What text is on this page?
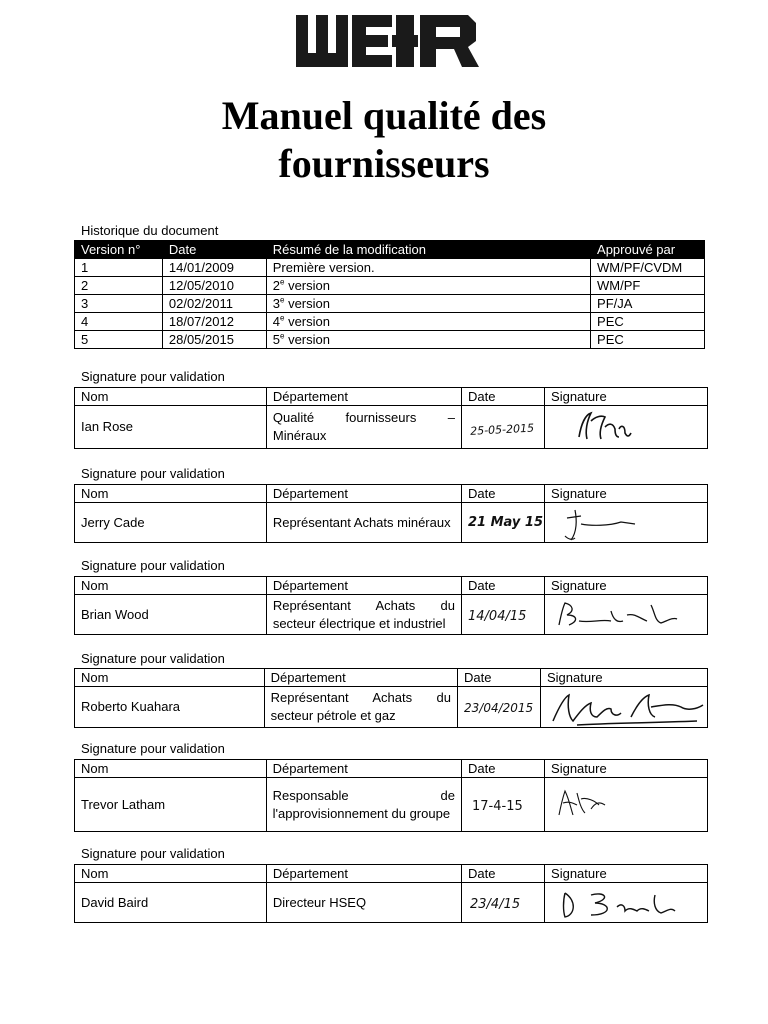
Manuel qualité des
fournisseurs
Historique du document
Version n°	Date	Résumé de la modification	Approuvé par
1	14/01/2009	Première version.	WM/PF/CVDM
2	12/05/2010	2e version	WM/PF
3	02/02/2011	3e version	PF/JA
4	18/07/2012	4e version	PEC
5	28/05/2015	5e version	PEC
Signature pour validation
Nom	Département	Date	Signature
Ian Rose	Qualité fournisseurs – Minéraux	25-05-2015

Signature pour validation
Nom	Département	Date	Signature
Jerry Cade	Représentant Achats minéraux	21 May 15

Signature pour validation
Nom	Département	Date	Signature
Brian Wood	Représentant Achats du secteur électrique et industriel	14/04/15

Signature pour validation
Nom	Département	Date	Signature
Roberto Kuahara	Représentant Achats du secteur pétrole et gaz	23/04/2015

Signature pour validation
Nom	Département	Date	Signature
Trevor Latham	Responsable de l'approvisionnement du groupe	17-4-15

Signature pour validation
Nom	Département	Date	Signature
David Baird	Directeur HSEQ	23/4/15
